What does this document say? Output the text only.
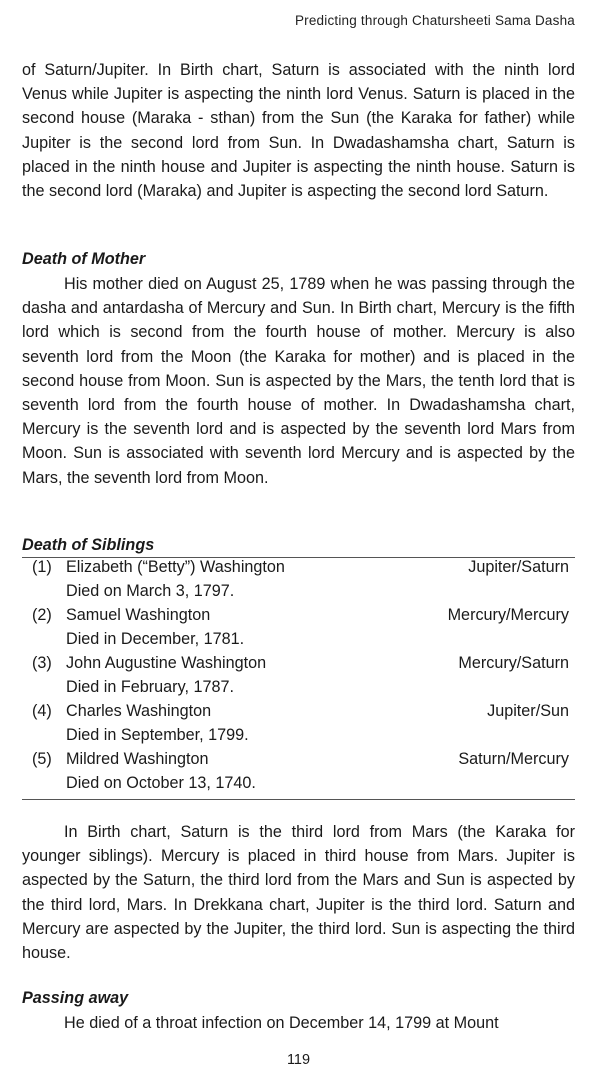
Predicting through Chatursheeti Sama Dasha

of Saturn/Jupiter. In Birth chart, Saturn is associated with the ninth lord Venus while Jupiter is aspecting the ninth lord Venus. Saturn is placed in the second house (Maraka - sthan) from the Sun (the Karaka for father) while Jupiter is the second lord from Sun. In Dwadashamsha chart, Saturn is placed in the ninth house and Jupiter is aspecting the ninth house. Saturn is the second lord (Maraka) and Jupiter is aspecting the second lord Saturn.

Death of Mother

His mother died on August 25, 1789 when he was passing through the dasha and antardasha of Mercury and Sun. In Birth chart, Mercury is the fifth lord which is second from the fourth house of mother. Mercury is also seventh lord from the Moon (the Karaka for mother) and is placed in the second house from Moon. Sun is aspected by the Mars, the tenth lord that is seventh lord from the fourth house of mother. In Dwadashamsha chart, Mercury is the seventh lord and is aspected by the seventh lord Mars from Moon. Sun is associated with seventh lord Mercury and is aspected by the Mars, the seventh lord from Moon.

Death of Siblings
(1) Elizabeth (“Betty”) Washington
Died on March 3, 1797.
Jupiter/Saturn
(2) Samuel Washington
Died in December, 1781.
Mercury/Mercury
(3) John Augustine Washington
Died in February, 1787.
Mercury/Saturn
(4) Charles Washington
Died in September, 1799.
Jupiter/Sun
(5) Mildred Washington
Died on October 13, 1740.
Saturn/Mercury

In Birth chart, Saturn is the third lord from Mars (the Karaka for younger siblings). Mercury is placed in third house from Mars. Jupiter is aspected by the Saturn, the third lord from the Mars and Sun is aspected by the third lord, Mars. In Drekkana chart, Jupiter is the third lord. Saturn and Mercury are aspected by the Jupiter, the third lord. Sun is aspecting the third house.

Passing away

He died of a throat infection on December 14, 1799 at Mount

119
